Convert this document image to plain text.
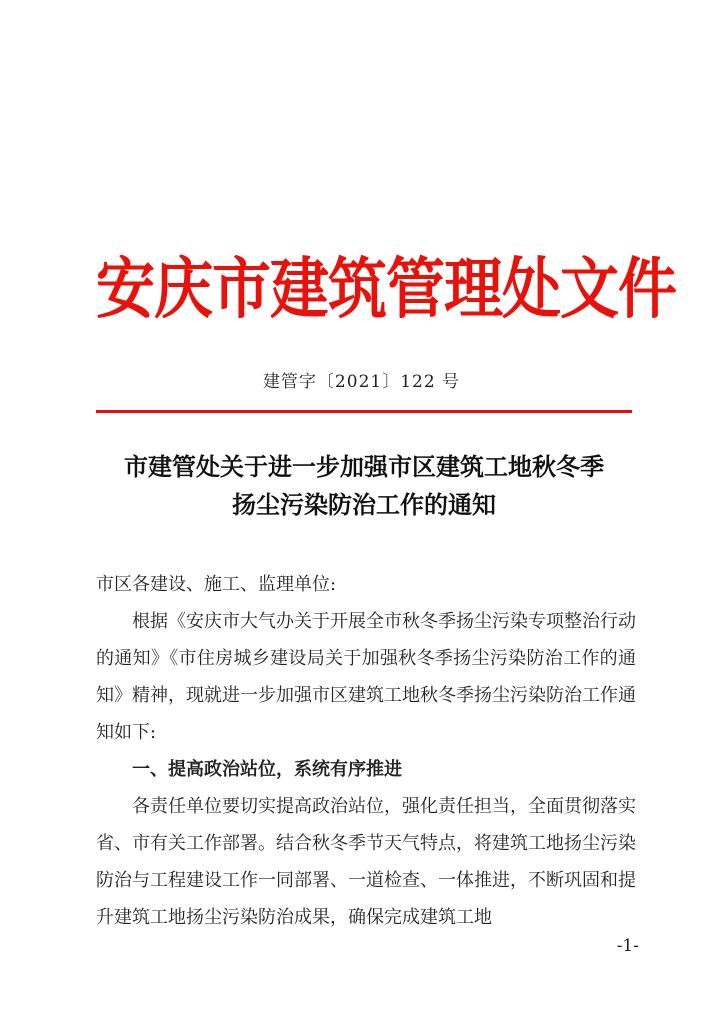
安庆市建筑管理处文件
建管字〔2021〕122 号
市建管处关于进一步加强市区建筑工地秋冬季
扬尘污染防治工作的通知

市区各建设、施工、监理单位:

根据《安庆市大气办关于开展全市秋冬季扬尘污染专项整治行动的通知》《市住房城乡建设局关于加强秋冬季扬尘污染防治工作的通知》精神，现就进一步加强市区建筑工地秋冬季扬尘污染防治工作通知如下:

一、提高政治站位，系统有序推进

各责任单位要切实提高政治站位，强化责任担当，全面贯彻落实省、市有关工作部署。结合秋冬季节天气特点，将建筑工地扬尘污染防治与工程建设工作一同部署、一道检查、一体推进，不断巩固和提升建筑工地扬尘污染防治成果，确保完成建筑工地

-1-
